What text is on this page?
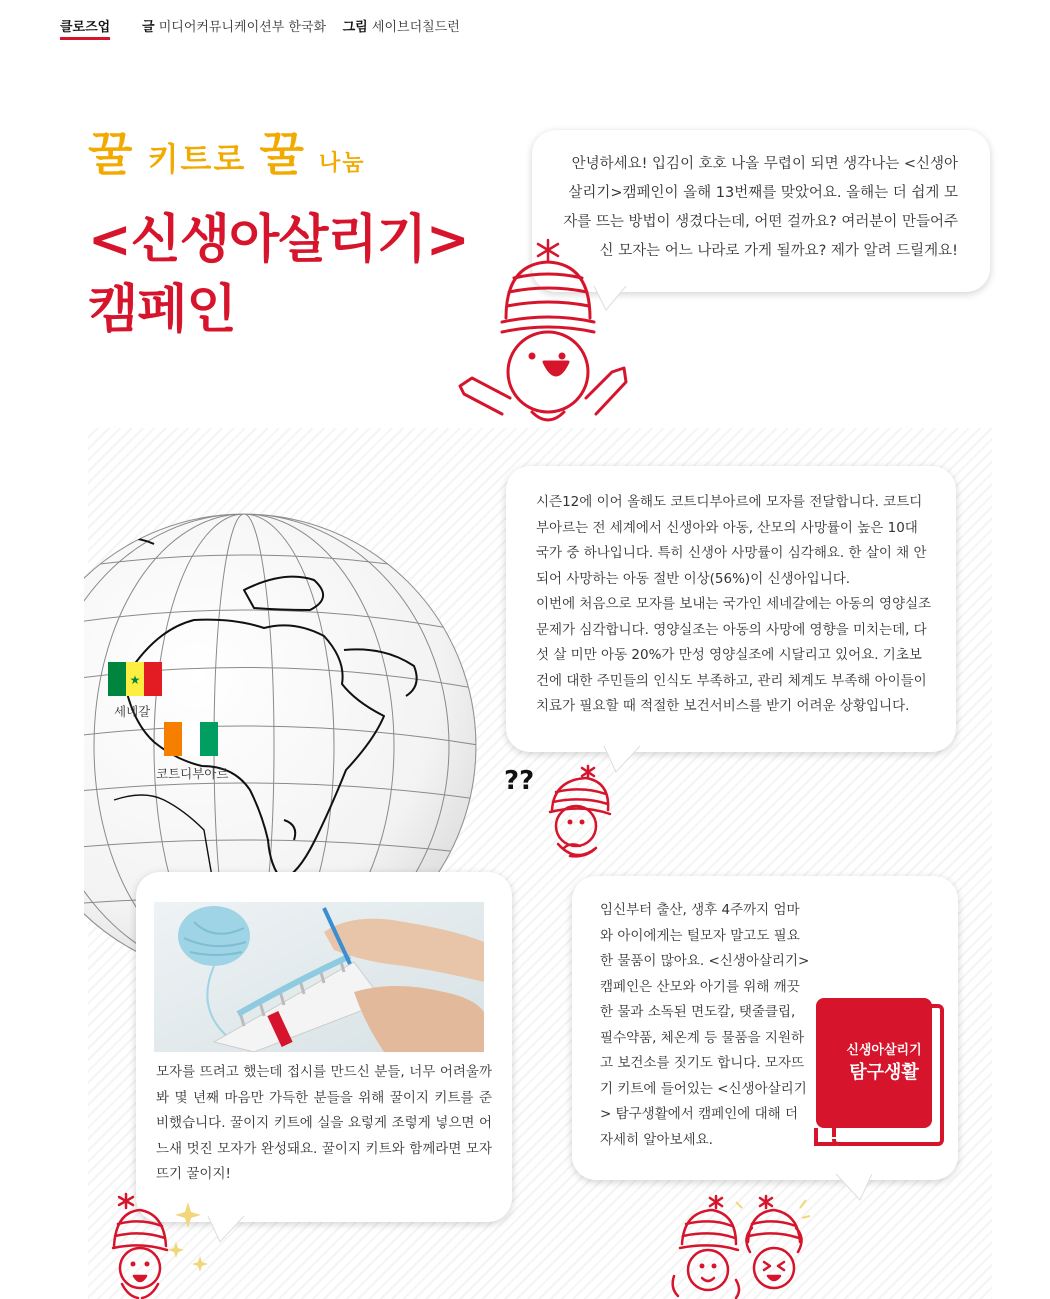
클로즈업 글 미디어커뮤니케이션부 한국화 그림 세이브더칠드런
꿀 키트로 꿀 나눔
<신생아살리기>
캠페인

안녕하세요! 입김이 호호 나올 무렵이 되면 생각나는 <신생아살리기>캠페인이 올해 13번째를 맞았어요. 올해는 더 쉽게 모자를 뜨는 방법이 생겼다는데, 어떤 걸까요? 여러분이 만들어주신 모자는 어느 나라로 가게 될까요? 제가 알려 드릴게요!

★
세네갈
코트디부아르

시즌12에 이어 올해도 코트디부아르에 모자를 전달합니다. 코트디부아르는 전 세계에서 신생아와 아동, 산모의 사망률이 높은 10대 국가 중 하나입니다. 특히 신생아 사망률이 심각해요. 한 살이 채 안 되어 사망하는 아동 절반 이상(56%)이 신생아입니다.

이번에 처음으로 모자를 보내는 국가인 세네갈에는 아동의 영양실조 문제가 심각합니다. 영양실조는 아동의 사망에 영향을 미치는데, 다섯 살 미만 아동 20%가 만성 영양실조에 시달리고 있어요. 기초보건에 대한 주민들의 인식도 부족하고, 관리 체계도 부족해 아이들이 치료가 필요할 때 적절한 보건서비스를 받기 어려운 상황입니다.

??

모자를 뜨려고 했는데 접시를 만드신 분들, 너무 어려울까 봐 몇 년째 마음만 가득한 분들을 위해 꿀이지 키트를 준비했습니다. 꿀이지 키트에 실을 요렇게 조렇게 넣으면 어느새 멋진 모자가 완성돼요. 꿀이지 키트와 함께라면 모자뜨기 꿀이지!

임신부터 출산, 생후 4주까지 엄마와 아이에게는 털모자 말고도 필요한 물품이 많아요. <신생아살리기> 캠페인은 산모와 아기를 위해 깨끗한 물과 소독된 면도칼, 탯줄클립, 필수약품, 체온계 등 물품을 지원하고 보건소를 짓기도 합니다. 모자뜨기 키트에 들어있는 <신생아살리기> 탐구생활에서 캠페인에 대해 더 자세히 알아보세요.

신생아살리기
탐구생활
